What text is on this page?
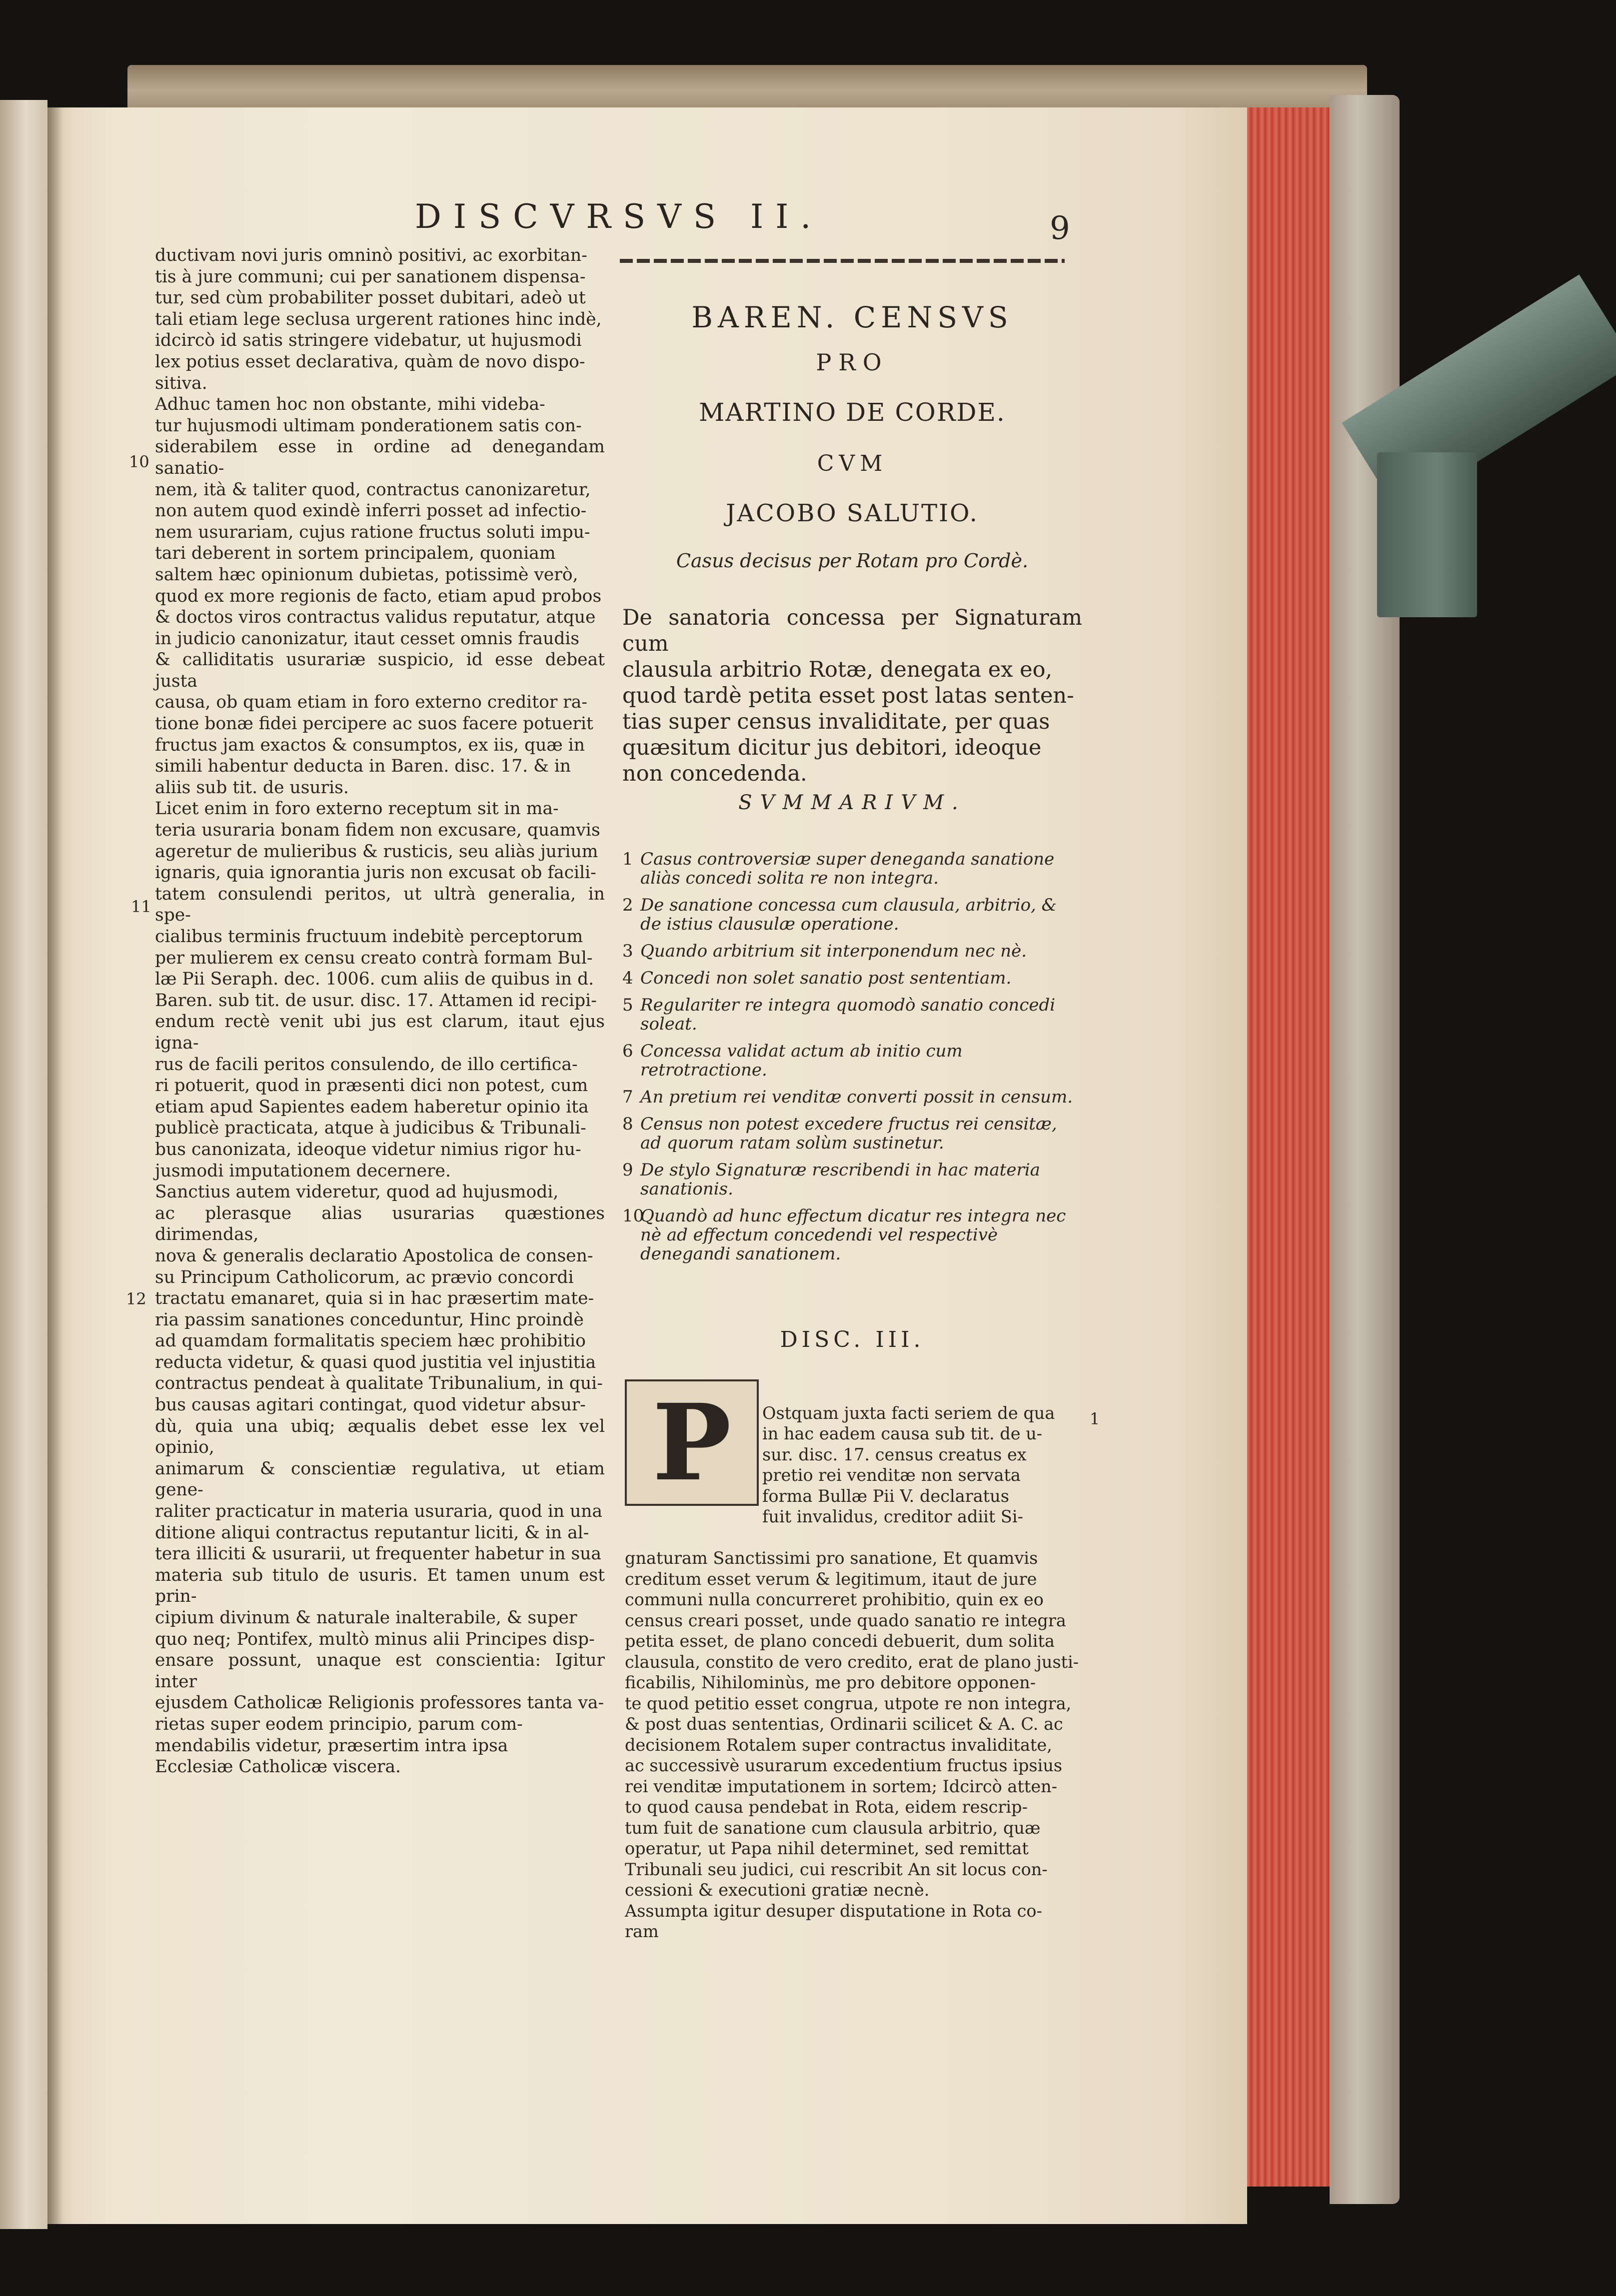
DISCVRSVS II.	9
ductivam novi juris omninò positivi, ac exorbitan-
tis à jure communi; cui per sanationem dispensa-
tur, sed cùm probabiliter posset dubitari, adeò ut
tali etiam lege seclusa urgerent rationes hinc indè,
idcircò id satis stringere videbatur, ut hujusmodi
lex potius esset declarativa, quàm de novo dispo-
sitiva.
Adhuc tamen hoc non obstante, mihi videba-
tur hujusmodi ultimam ponderationem satis con-
siderabilem esse in ordine ad denegandam sanatio-
nem, ità & taliter quod, contractus canonizaretur,
non autem quod exindè inferri posset ad infectio-
nem usurariam, cujus ratione fructus soluti impu-
tari deberent in sortem principalem, quoniam
saltem hæc opinionum dubietas, potissimè verò,
quod ex more regionis de facto, etiam apud probos
& doctos viros contractus validus reputatur, atque
in judicio canonizatur, itaut cesset omnis fraudis
& calliditatis usurariæ suspicio, id esse debeat justa
causa, ob quam etiam in foro externo creditor ra-
tione bonæ fidei percipere ac suos facere potuerit
fructus jam exactos & consumptos, ex iis, quæ in
simili habentur deducta in Baren. disc. 17. & in
aliis sub tit. de usuris.
Licet enim in foro externo receptum sit in ma-
teria usuraria bonam fidem non excusare, quamvis
ageretur de mulieribus & rusticis, seu aliàs jurium
ignaris, quia ignorantia juris non excusat ob facili-
tatem consulendi peritos, ut ultrà generalia, in spe-
cialibus terminis fructuum indebitè perceptorum
per mulierem ex censu creato contrà formam Bul-
læ Pii Seraph. dec. 1006. cum aliis de quibus in d.
Baren. sub tit. de usur. disc. 17. Attamen id recipi-
endum rectè venit ubi jus est clarum, itaut ejus igna-
rus de facili peritos consulendo, de illo certifica-
ri potuerit, quod in præsenti dici non potest, cum
etiam apud Sapientes eadem haberetur opinio ita
publicè practicata, atque à judicibus & Tribunali-
bus canonizata, ideoque videtur nimius rigor hu-
jusmodi imputationem decernere.
Sanctius autem videretur, quod ad hujusmodi,
ac plerasque alias usurarias quæstiones dirimendas,
nova & generalis declaratio Apostolica de consen-
su Principum Catholicorum, ac prævio concordi
tractatu emanaret, quia si in hac præsertim mate-
ria passim sanationes conceduntur, Hinc proindè
ad quamdam formalitatis speciem hæc prohibitio
reducta videtur, & quasi quod justitia vel injustitia
contractus pendeat à qualitate Tribunalium, in qui-
bus causas agitari contingat, quod videtur absur-
dù, quia una ubiq; æqualis debet esse lex vel opinio,
animarum & conscientiæ regulativa, ut etiam gene-
raliter practicatur in materia usuraria, quod in una
ditione aliqui contractus reputantur liciti, & in al-
tera illiciti & usurarii, ut frequenter habetur in sua
materia sub titulo de usuris. Et tamen unum est prin-
cipium divinum & naturale inalterabile, & super
quo neq; Pontifex, multò minus alii Principes disp-
ensare possunt, unaque est conscientia: Igitur inter
ejusdem Catholicæ Religionis professores tanta va-
rietas super eodem principio, parum com-
mendabilis videtur, præsertim intra ipsa
Ecclesiæ Catholicæ viscera.
10
11
12
1
BAREN. CENSVS
PRO
MARTINO DE CORDE.
CVM
JACOBO SALUTIO.
Casus decisus per Rotam pro Cordè.
De sanatoria concessa per Signaturam cum
clausula arbitrio Rotæ, denegata ex eo,
quod tardè petita esset post latas senten-
tias super census invaliditate, per quas
quæsitum dicitur jus debitori, ideoque
non concedenda.
SVMMARIVM.
1 Casus controversiæ super deneganda sanatione aliàs concedi solita re non integra.
2 De sanatione concessa cum clausula, arbitrio, & de istius clausulæ operatione.
3 Quando arbitrium sit interponendum nec nè.
4 Concedi non solet sanatio post sententiam.
5 Regulariter re integra quomodò sanatio concedi soleat.
6 Concessa validat actum ab initio cum retrotractione.
7 An pretium rei venditæ converti possit in censum.
8 Census non potest excedere fructus rei censitæ, ad quorum ratam solùm sustinetur.
9 De stylo Signaturæ rescribendi in hac materia sanationis.
10
Quandò ad hunc effectum dicatur res integra nec nè ad effectum concedendi vel respectivè denegandi sanationem.
DISC. III.
P Ostquam juxta facti seriem de qua
in hac eadem causa sub tit. de u-
sur. disc. 17. census creatus ex
pretio rei venditæ non servata
forma Bullæ Pii V. declaratus
fuit invalidus, creditor adiit Si-

gnaturam Sanctissimi pro sanatione, Et quamvis
creditum esset verum & legitimum, itaut de jure
communi nulla concurreret prohibitio, quin ex eo
census creari posset, unde quado sanatio re integra
petita esset, de plano concedi debuerit, dum solita
clausula, constito de vero credito, erat de plano justi-
ficabilis, Nihilominùs, me pro debitore opponen-
te quod petitio esset congrua, utpote re non integra,
& post duas sententias, Ordinarii scilicet & A. C. ac
decisionem Rotalem super contractus invaliditate,
ac successivè usurarum excedentium fructus ipsius
rei venditæ imputationem in sortem; Idcircò atten-
to quod causa pendebat in Rota, eidem rescrip-
tum fuit de sanatione cum clausula arbitrio, quæ
operatur, ut Papa nihil determinet, sed remittat
Tribunali seu judici, cui rescribit An sit locus con-
cessioni & executioni gratiæ necnè.
Assumpta igitur desuper disputatione in Rota co-
ram
